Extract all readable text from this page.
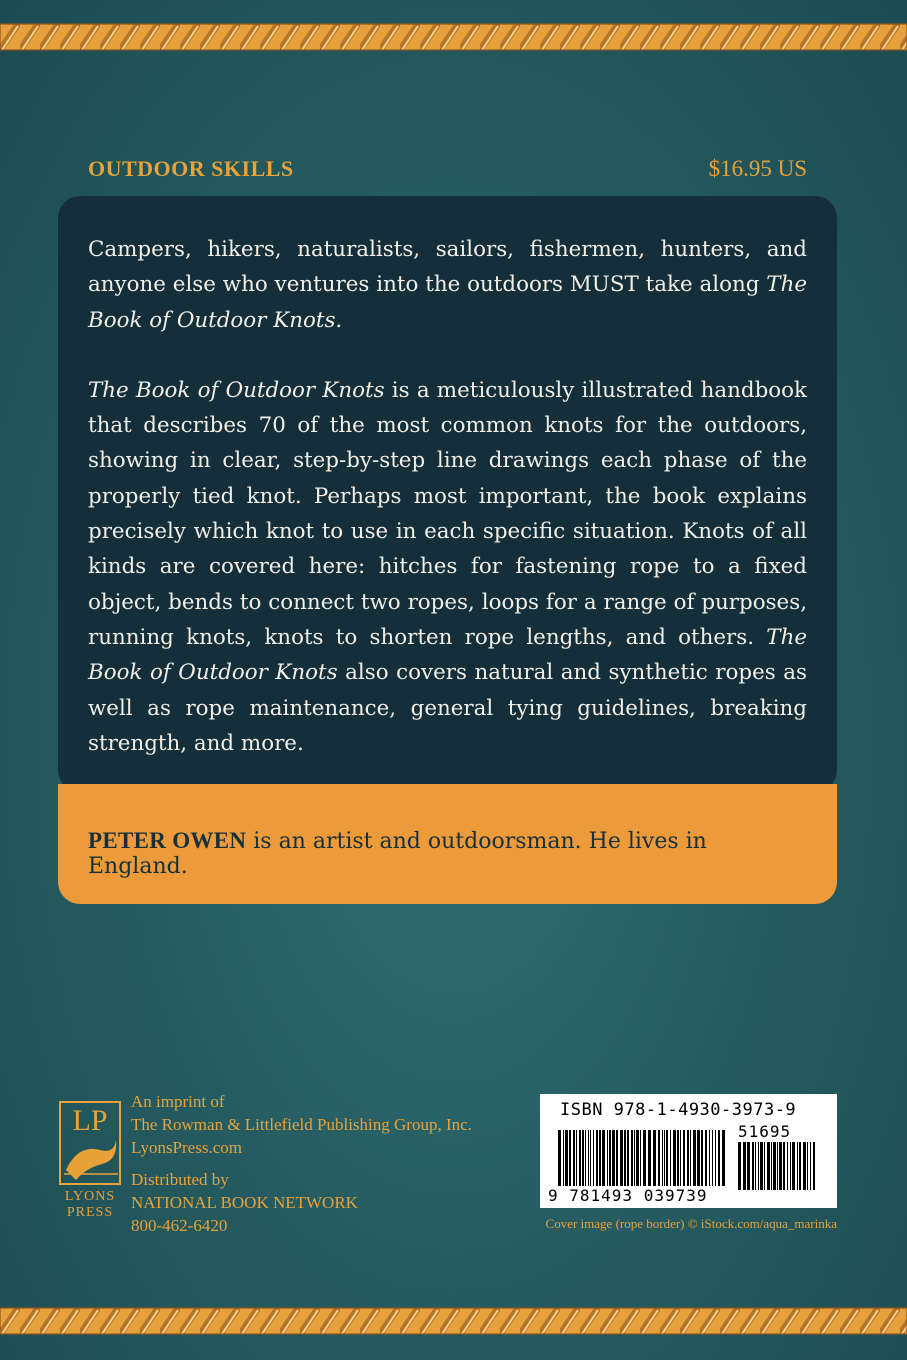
OUTDOOR SKILLS	$16.95 US

Campers, hikers, naturalists, sailors, fishermen, hunters, and anyone else who ventures into the outdoors MUST take along The Book of Outdoor Knots.

The Book of Outdoor Knots is a meticulously illustrated handbook that describes 70 of the most common knots for the outdoors, showing in clear, step-by-step line drawings each phase of the properly tied knot. Perhaps most important, the book explains precisely which knot to use in each specific situation. Knots of all kinds are covered here: hitches for fastening rope to a fixed object, bends to connect two ropes, loops for a range of purposes, running knots, knots to shorten rope lengths, and others. The Book of Outdoor Knots also covers natural and synthetic ropes as well as rope maintenance, general tying guidelines, breaking strength, and more.

PETER OWEN is an artist and outdoorsman. He lives in England.
LP
LYONS
PRESS
An imprint of
The Rowman & Littlefield Publishing Group, Inc.
LyonsPress.com
Distributed by
NATIONAL BOOK NETWORK
800-462-6420
ISBN 978-1-4930-3973-9
51695
9 781493 039739
Cover image (rope border) © iStock.com/aqua_marinka
